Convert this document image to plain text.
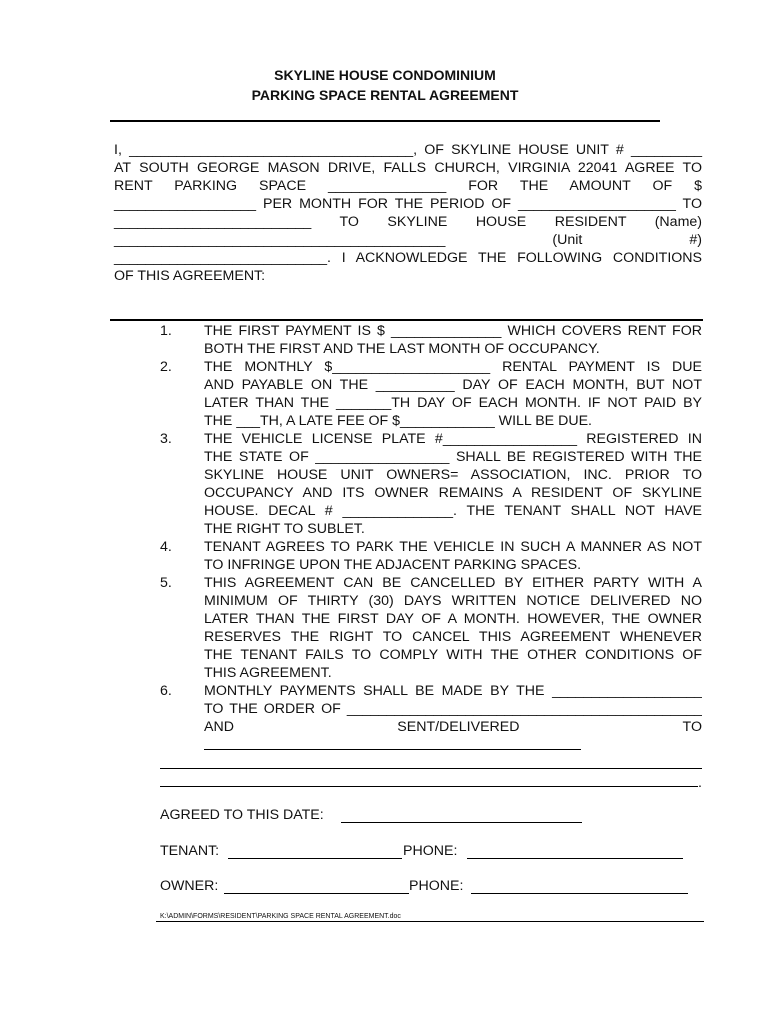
SKYLINE HOUSE CONDOMINIUM
PARKING SPACE RENTAL AGREEMENT
I, ____________________________________, OF SKYLINE HOUSE UNIT # _________
AT SOUTH GEORGE MASON DRIVE, FALLS CHURCH, VIRGINIA 22041 AGREE TO
RENT PARKING SPACE _______________ FOR THE AMOUNT OF $
__________________ PER MONTH FOR THE PERIOD OF ____________________ TO
_________________________ TO SKYLINE HOUSE RESIDENT (Name)
__________________________________________ (Unit #)
___________________________. I ACKNOWLEDGE THE FOLLOWING CONDITIONS
OF THIS AGREEMENT:
1. THE FIRST PAYMENT IS $ ______________ WHICH COVERS RENT FOR
BOTH THE FIRST AND THE LAST MONTH OF OCCUPANCY.
2. THE MONTHLY $____________________ RENTAL PAYMENT IS DUE
AND PAYABLE ON THE __________ DAY OF EACH MONTH, BUT NOT
LATER THAN THE _______TH DAY OF EACH MONTH. IF NOT PAID BY
THE ___TH, A LATE FEE OF $____________ WILL BE DUE.
3. THE VEHICLE LICENSE PLATE #_________________ REGISTERED IN
THE STATE OF _________________ SHALL BE REGISTERED WITH THE
SKYLINE HOUSE UNIT OWNERS= ASSOCIATION, INC. PRIOR TO
OCCUPANCY AND ITS OWNER REMAINS A RESIDENT OF SKYLINE
HOUSE. DECAL # ______________. THE TENANT SHALL NOT HAVE
THE RIGHT TO SUBLET.
4. TENANT AGREES TO PARK THE VEHICLE IN SUCH A MANNER AS NOT
TO INFRINGE UPON THE ADJACENT PARKING SPACES.
5. THIS AGREEMENT CAN BE CANCELLED BY EITHER PARTY WITH A
MINIMUM OF THIRTY (30) DAYS WRITTEN NOTICE DELIVERED NO
LATER THAN THE FIRST DAY OF A MONTH. HOWEVER, THE OWNER
RESERVES THE RIGHT TO CANCEL THIS AGREEMENT WHENEVER
THE TENANT FAILS TO COMPLY WITH THE OTHER CONDITIONS OF
THIS AGREEMENT.
6. MONTHLY PAYMENTS SHALL BE MADE BY THE ___________________
TO THE ORDER OF _____________________________________________
AND SENT/DELIVERED TO
.
AGREED TO THIS DATE:
TENANT:	PHONE:
OWNER:	PHONE:
K:\ADMIN\FORMS\RESIDENT\PARKING SPACE RENTAL AGREEMENT.doc
